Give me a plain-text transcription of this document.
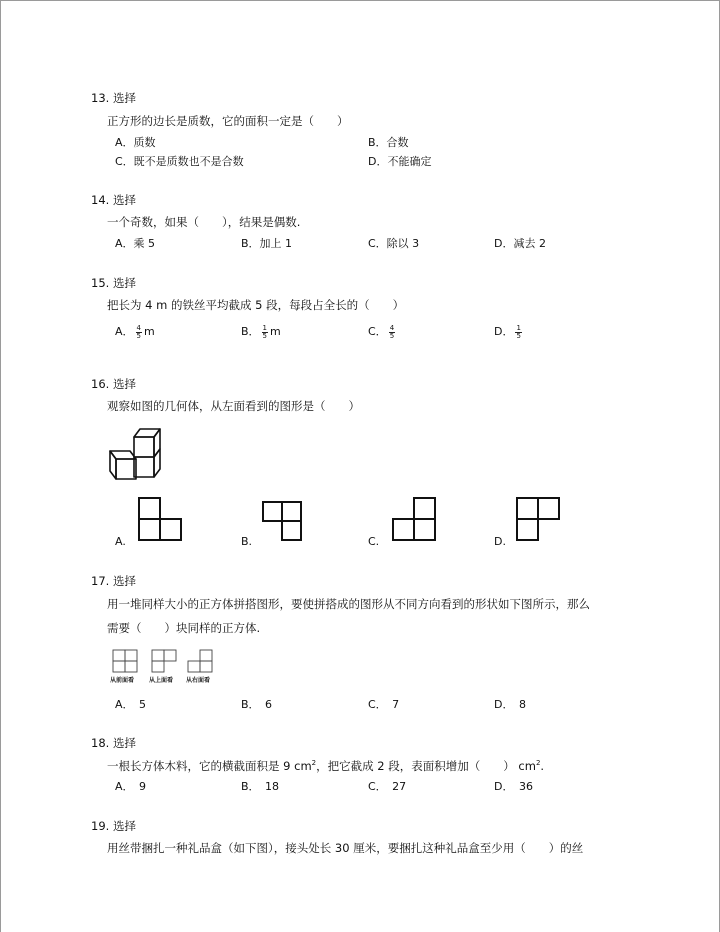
13. 选择
正方形的边长是质数，它的面积一定是（　　）
A．质数	B．合数
C．既不是质数也不是合数	D．不能确定
14. 选择
一个奇数，如果（　　），结果是偶数.
A．乘 5	B．加上 1	C．除以 3	D．减去 2
15. 选择
把长为 4 m 的铁丝平均截成 5 段，每段占全长的（　　）
A． $\frac{4}{5}$ m	B． $\frac{1}{5}$ m	C． $\frac{4}{5}$	D． $\frac{1}{5}$
16. 选择
观察如图的几何体，从左面看到的图形是（　　）
A.	B.	C.	D.
17. 选择
用一堆同样大小的正方体拼搭图形，要使拼搭成的图形从不同方向看到的形状如下图所示，那么
需要（　　）块同样的正方体.
从前面看 从上面看 从右面看
A．　5	B．　6	C．　7	D．　8
18. 选择
一根长方体木料，它的横截面积是 9 $cm^2$，把它截成 2 段，表面积增加（　　） $cm^2$.
A．　9	B．　18	C．　27	D．　36
19. 选择
用丝带捆扎一种礼品盒（如下图），接头处长 30 厘米，要捆扎这种礼品盒至少用（　　）的丝
